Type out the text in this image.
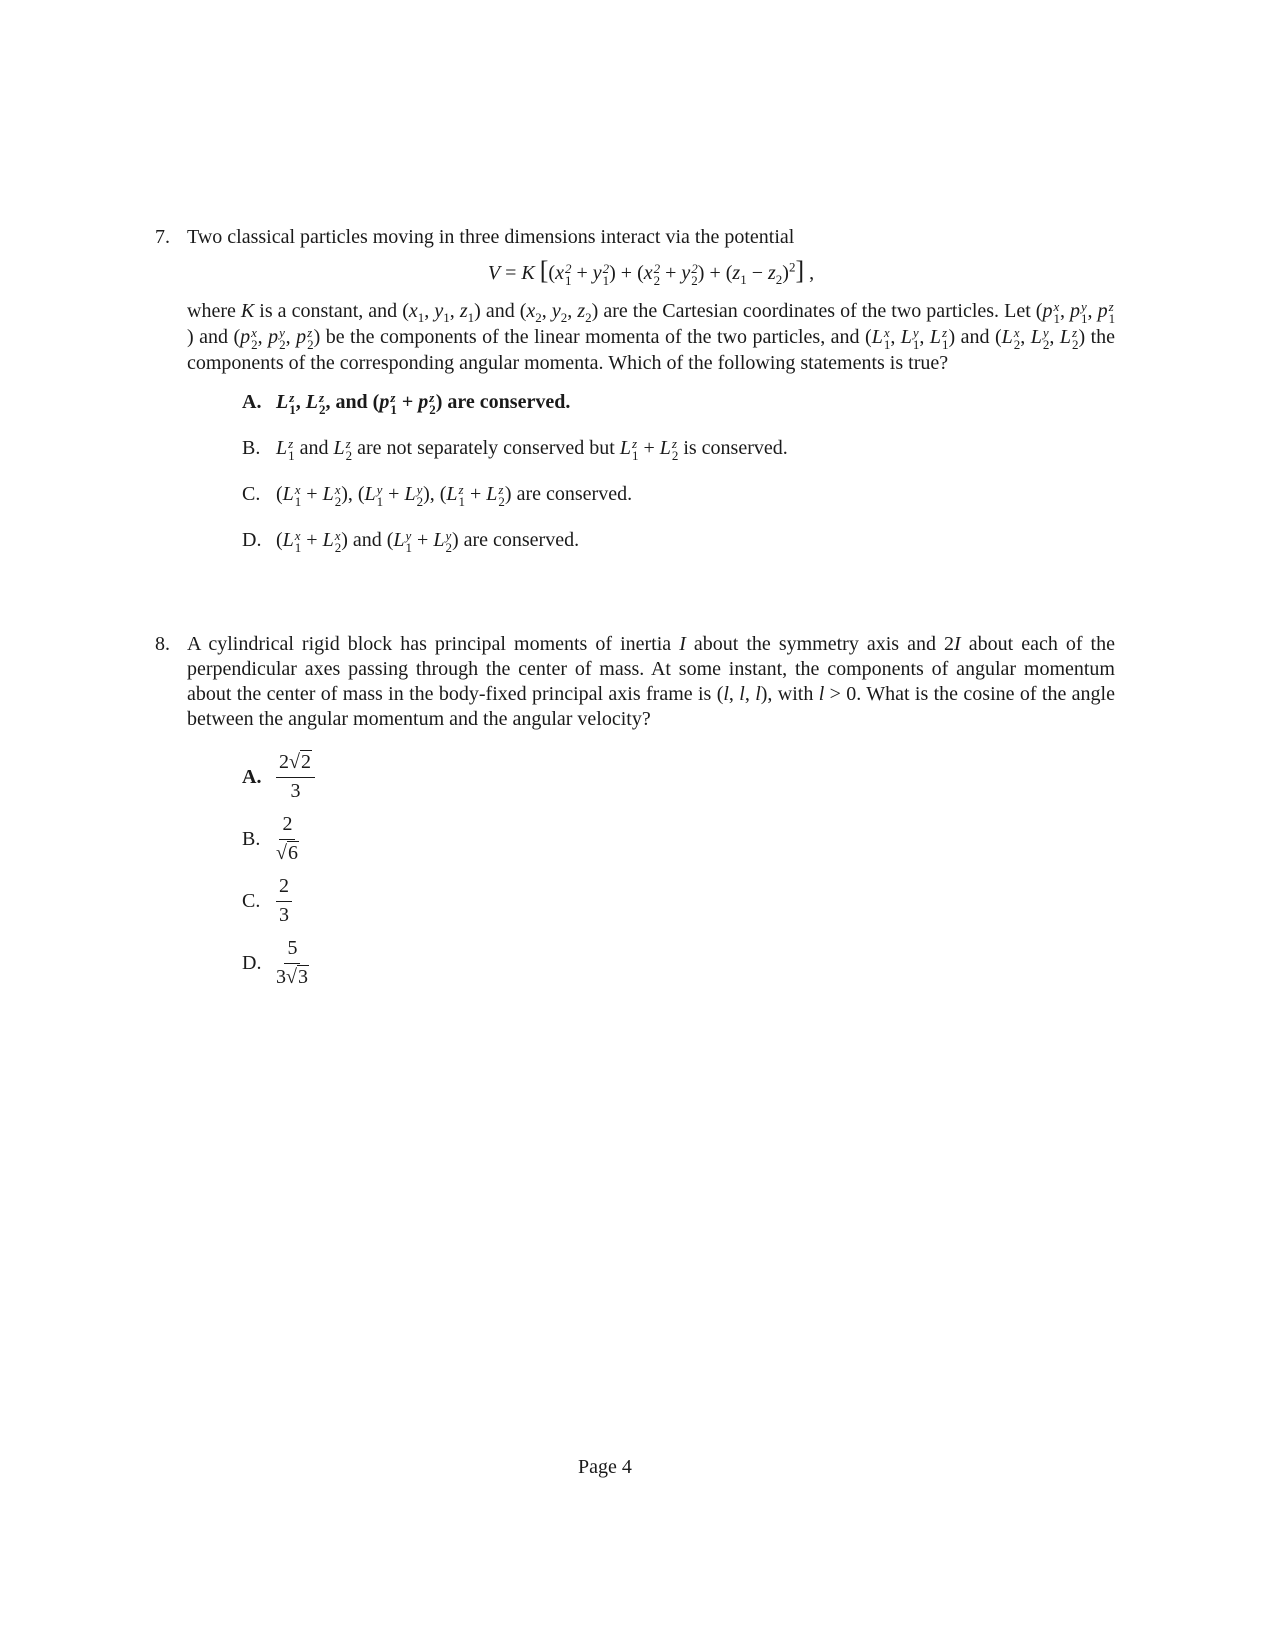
7. Two classical particles moving in three dimensions interact via the potential
V = K [(x 2
1 + y 2
1 ) + (x 2
2 + y 2
2 ) + $(z_1 - z_2)^2$] ,
where K is a constant, and ($x_1$, $y_1$, $z_1$) and ($x_2$, $y_2$, $z_2$) are the Cartesian coordinates of the two particles. Let (p x
1 , p y
1 , p z
1
) and (p x
2 , p y
2 , p z
2 ) be the components of the linear momenta of the two particles, and (L x
1 , L y
1 , L z
1 ) and (L x
2 , L y
2 , L z
2 ) the components of the corresponding angular momenta. Which of the following statements is true?
A. L z
1 , L z
2 , and (p z
1 + p z
2 ) are conserved.
B. L z
1 and L z
2 are not separately conserved but L z
1 + L z
2 is conserved.
C. (L x
1 + L x
2 ), (L y
1 + L y
2 ), (L z
1 + L z
2 ) are conserved.
D. (L x
1 + L x
2 ) and (L y
1 + L y
2 ) are conserved.
8. A cylindrical rigid block has principal moments of inertia I about the symmetry axis and 2I about each of the perpendicular axes passing through the center of mass. At some instant, the components of angular momentum about the center of mass in the body-fixed principal axis frame is (l, l, l), with l > 0. What is the cosine of the angle between the angular momentum and the angular velocity?
A. $\frac{2√2}{3}$
B. $\frac{2}{√6}$
C. $\frac{2}{3}$
D. $\frac{5}{3√3}$
Page 4
